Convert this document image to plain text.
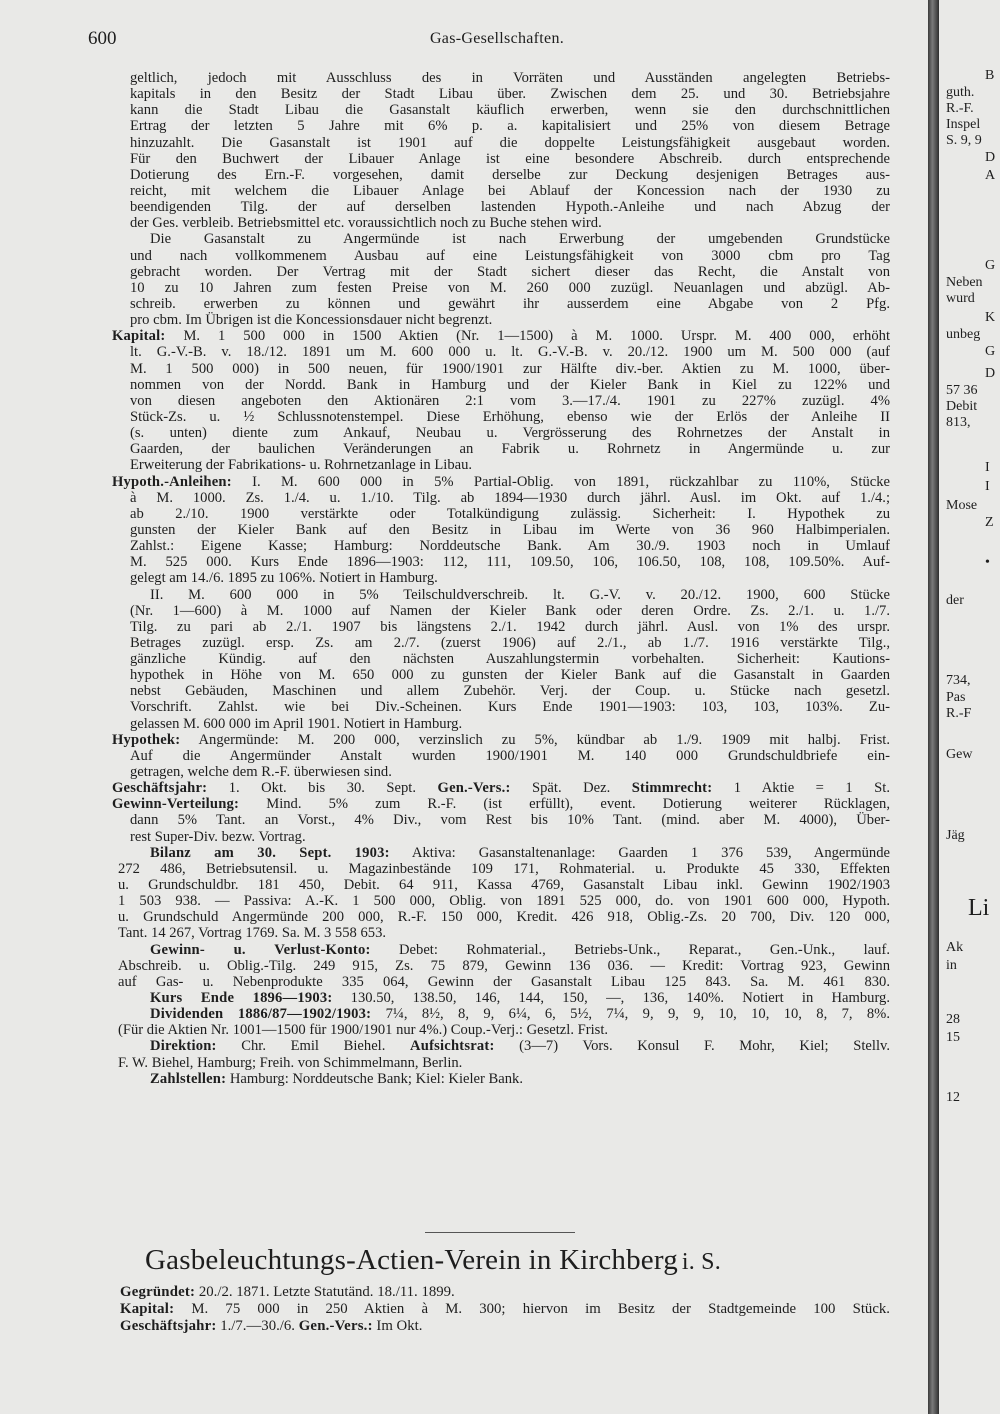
600	Gas-Gesellschaften.
geltlich, jedoch mit Ausschluss des in Vorräten und Ausständen angelegten Betriebs-
kapitals in den Besitz der Stadt Libau über. Zwischen dem 25. und 30. Betriebsjahre
kann die Stadt Libau die Gasanstalt käuflich erwerben, wenn sie den durchschnittlichen
Ertrag der letzten 5 Jahre mit 6% p. a. kapitalisiert und 25% von diesem Betrage
hinzuzahlt. Die Gasanstalt ist 1901 auf die doppelte Leistungsfähigkeit ausgebaut worden.
Für den Buchwert der Libauer Anlage ist eine besondere Abschreib. durch entsprechende
Dotierung des Ern.-F. vorgesehen, damit derselbe zur Deckung desjenigen Betrages aus-
reicht, mit welchem die Libauer Anlage bei Ablauf der Koncession nach der 1930 zu
beendigenden Tilg. der auf derselben lastenden Hypoth.-Anleihe und nach Abzug der
der Ges. verbleib. Betriebsmittel etc. voraussichtlich noch zu Buche stehen wird.
Die Gasanstalt zu Angermünde ist nach Erwerbung der umgebenden Grundstücke
und nach vollkommenem Ausbau auf eine Leistungsfähigkeit von 3000 cbm pro Tag
gebracht worden. Der Vertrag mit der Stadt sichert dieser das Recht, die Anstalt von
10 zu 10 Jahren zum festen Preise von M. 260 000 zuzügl. Neuanlagen und abzügl. Ab-
schreib. erwerben zu können und gewährt ihr ausserdem eine Abgabe von 2 Pfg.
pro cbm. Im Übrigen ist die Koncessionsdauer nicht begrenzt.
Kapital: M. 1 500 000 in 1500 Aktien (Nr. 1—1500) à M. 1000. Urspr. M. 400 000, erhöht
lt. G.-V.-B. v. 18./12. 1891 um M. 600 000 u. lt. G.-V.-B. v. 20./12. 1900 um M. 500 000 (auf
M. 1 500 000) in 500 neuen, für 1900/1901 zur Hälfte div.-ber. Aktien zu M. 1000, über-
nommen von der Nordd. Bank in Hamburg und der Kieler Bank in Kiel zu 122% und
von diesen angeboten den Aktionären 2:1 vom 3.—17./4. 1901 zu 227% zuzügl. 4%
Stück-Zs. u. ½ Schlussnotenstempel. Diese Erhöhung, ebenso wie der Erlös der Anleihe II
(s. unten) diente zum Ankauf, Neubau u. Vergrösserung des Rohrnetzes der Anstalt in
Gaarden, der baulichen Veränderungen an Fabrik u. Rohrnetz in Angermünde u. zur
Erweiterung der Fabrikations- u. Rohrnetzanlage in Libau.
Hypoth.-Anleihen: I. M. 600 000 in 5% Partial-Oblig. von 1891, rückzahlbar zu 110%, Stücke
à M. 1000. Zs. 1./4. u. 1./10. Tilg. ab 1894—1930 durch jährl. Ausl. im Okt. auf 1./4.;
ab 2./10. 1900 verstärkte oder Totalkündigung zulässig. Sicherheit: I. Hypothek zu
gunsten der Kieler Bank auf den Besitz in Libau im Werte von 36 960 Halbimperialen.
Zahlst.: Eigene Kasse; Hamburg: Norddeutsche Bank. Am 30./9. 1903 noch in Umlauf
M. 525 000. Kurs Ende 1896—1903: 112, 111, 109.50, 106, 106.50, 108, 108, 109.50%. Auf-
gelegt am 14./6. 1895 zu 106%. Notiert in Hamburg.
II. M. 600 000 in 5% Teilschuldverschreib. lt. G.-V. v. 20./12. 1900, 600 Stücke
(Nr. 1—600) à M. 1000 auf Namen der Kieler Bank oder deren Ordre. Zs. 2./1. u. 1./7.
Tilg. zu pari ab 2./1. 1907 bis längstens 2./1. 1942 durch jährl. Ausl. von 1% des urspr.
Betrages zuzügl. ersp. Zs. am 2./7. (zuerst 1906) auf 2./1., ab 1./7. 1916 verstärkte Tilg.,
gänzliche Kündig. auf den nächsten Auszahlungstermin vorbehalten. Sicherheit: Kautions-
hypothek in Höhe von M. 650 000 zu gunsten der Kieler Bank auf die Gasanstalt in Gaarden
nebst Gebäuden, Maschinen und allem Zubehör. Verj. der Coup. u. Stücke nach gesetzl.
Vorschrift. Zahlst. wie bei Div.-Scheinen. Kurs Ende 1901—1903: 103, 103, 103%. Zu-
gelassen M. 600 000 im April 1901. Notiert in Hamburg.
Hypothek: Angermünde: M. 200 000, verzinslich zu 5%, kündbar ab 1./9. 1909 mit halbj. Frist.
Auf die Angermünder Anstalt wurden 1900/1901 M. 140 000 Grundschuldbriefe ein-
getragen, welche dem R.-F. überwiesen sind.
Geschäftsjahr: 1. Okt. bis 30. Sept. Gen.-Vers.: Spät. Dez. Stimmrecht: 1 Aktie = 1 St.
Gewinn-Verteilung: Mind. 5% zum R.-F. (ist erfüllt), event. Dotierung weiterer Rücklagen,
dann 5% Tant. an Vorst., 4% Div., vom Rest bis 10% Tant. (mind. aber M. 4000), Über-
rest Super-Div. bezw. Vortrag.
Bilanz am 30. Sept. 1903: Aktiva: Gasanstaltenanlage: Gaarden 1 376 539, Angermünde
272 486, Betriebsutensil. u. Magazinbestände 109 171, Rohmaterial. u. Produkte 45 330, Effekten
u. Grundschuldbr. 181 450, Debit. 64 911, Kassa 4769, Gasanstalt Libau inkl. Gewinn 1902/1903
1 503 938. — Passiva: A.-K. 1 500 000, Oblig. von 1891 525 000, do. von 1901 600 000, Hypoth.
u. Grundschuld Angermünde 200 000, R.-F. 150 000, Kredit. 426 918, Oblig.-Zs. 20 700, Div. 120 000,
Tant. 14 267, Vortrag 1769. Sa. M. 3 558 653.
Gewinn- u. Verlust-Konto: Debet: Rohmaterial., Betriebs-Unk., Reparat., Gen.-Unk., lauf.
Abschreib. u. Oblig.-Tilg. 249 915, Zs. 75 879, Gewinn 136 036. — Kredit: Vortrag 923, Gewinn
auf Gas- u. Nebenprodukte 335 064, Gewinn der Gasanstalt Libau 125 843. Sa. M. 461 830.
Kurs Ende 1896—1903: 130.50, 138.50, 146, 144, 150, —, 136, 140%. Notiert in Hamburg.
Dividenden 1886/87—1902/1903: 7¼, 8½, 8, 9, 6¼, 6, 5½, 7¼, 9, 9, 9, 10, 10, 10, 8, 7, 8%.
(Für die Aktien Nr. 1001—1500 für 1900/1901 nur 4%.) Coup.-Verj.: Gesetzl. Frist.
Direktion: Chr. Emil Biehel. Aufsichtsrat: (3—7) Vors. Konsul F. Mohr, Kiel; Stellv.
F. W. Biehel, Hamburg; Freih. von Schimmelmann, Berlin.
Zahlstellen: Hamburg: Norddeutsche Bank; Kiel: Kieler Bank.
Gasbeleuchtungs-Actien-Verein in Kirchberg i. S.
Gegründet: 20./2. 1871. Letzte Statutänd. 18./11. 1899.
Kapital: M. 75 000 in 250 Aktien à M. 300; hiervon im Besitz der Stadtgemeinde 100 Stück.
Geschäftsjahr: 1./7.—30./6. Gen.-Vers.: Im Okt.
B
guth.
R.-F.
Inspel
S. 9, 9
D
A
G
Neben
wurd
K
unbeg
G
D
57 36
Debit
813,
I
I
Mose
Z
•
der
734,
Pas
R.-F
Gew
Jäg
Li
Ak
in
28
15
12
